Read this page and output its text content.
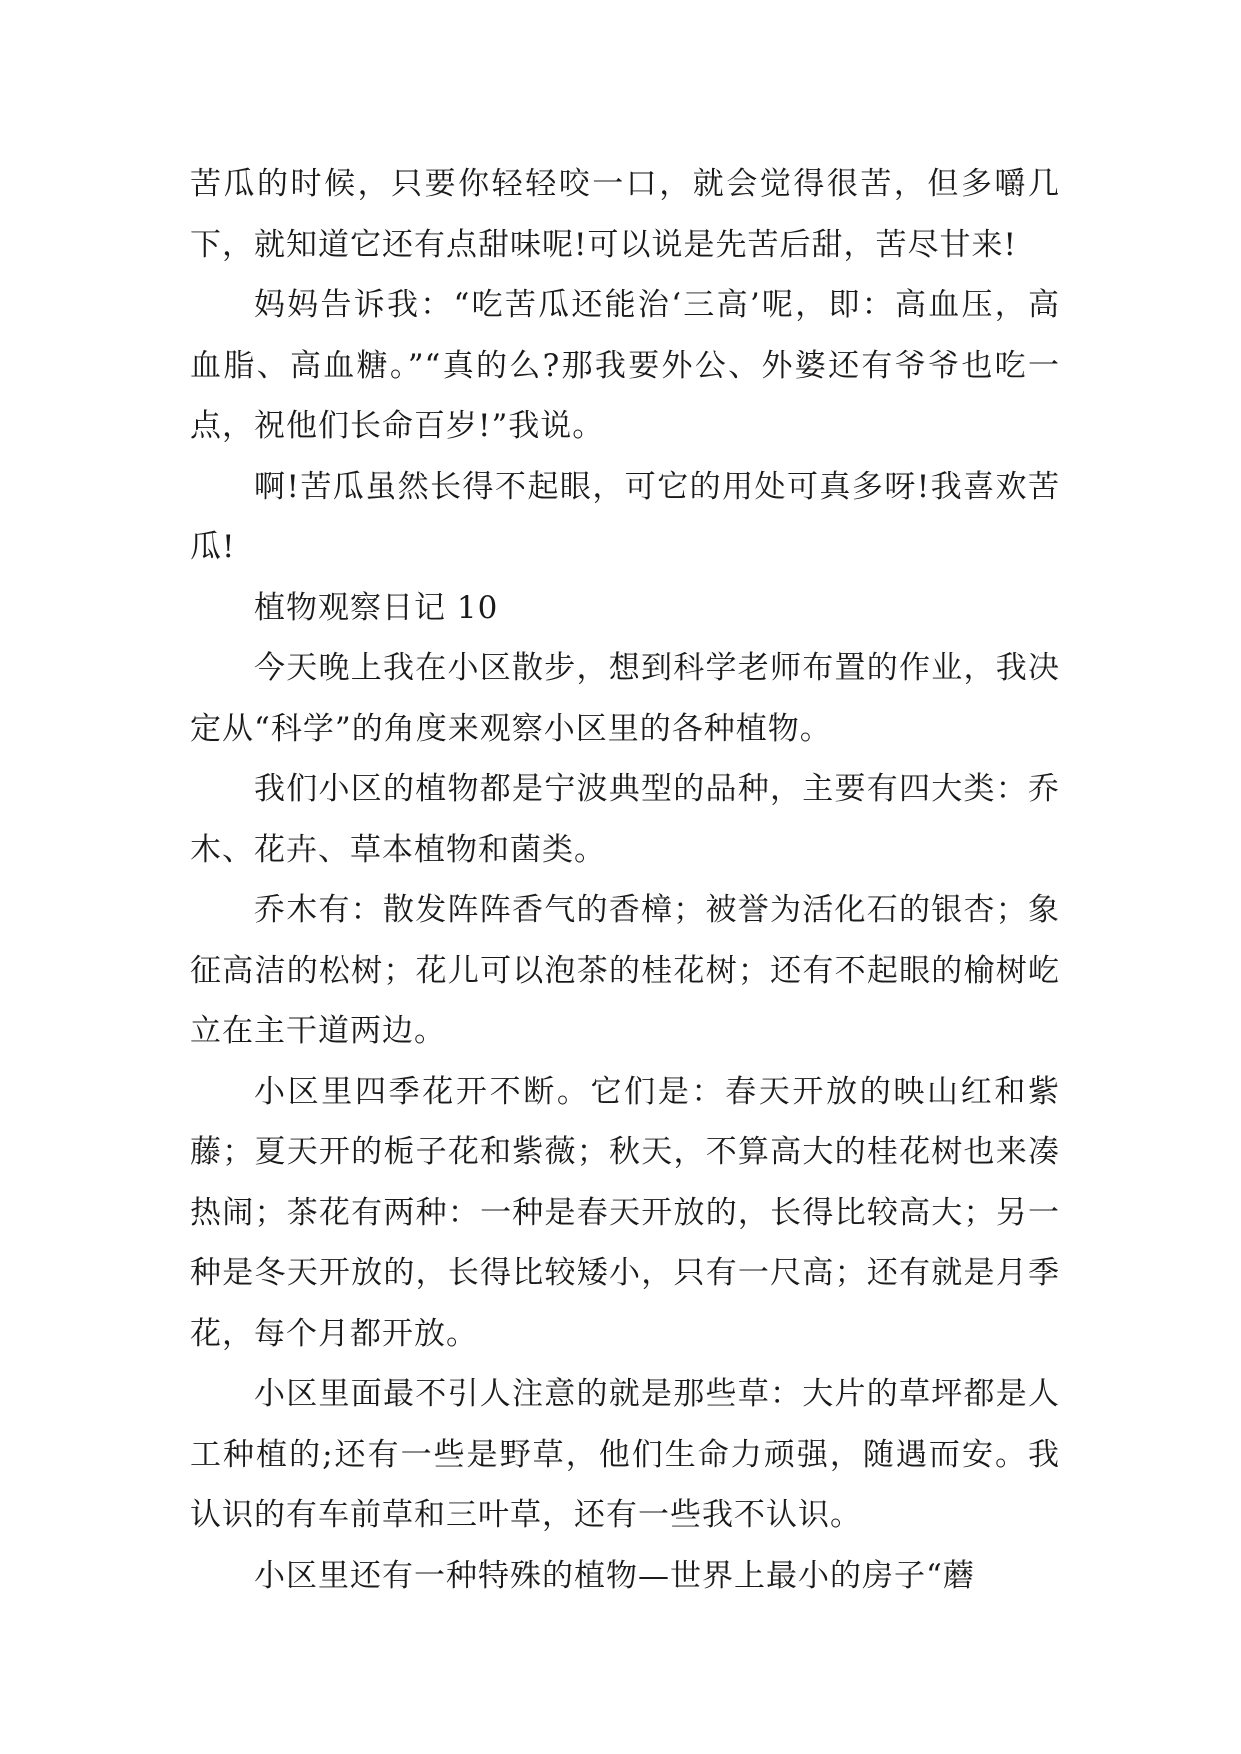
苦瓜的时候，只要你轻轻咬一口，就会觉得很苦，但多嚼几下，就知道它还有点甜味呢!可以说是先苦后甜，苦尽甘来!

妈妈告诉我：“吃苦瓜还能治‘三高’呢，即：高血压，高血脂、高血糖。”“真的么?那我要外公、外婆还有爷爷也吃一点，祝他们长命百岁!”我说。

啊!苦瓜虽然长得不起眼，可它的用处可真多呀!我喜欢苦瓜!

植物观察日记 10

今天晚上我在小区散步，想到科学老师布置的作业，我决定从“科学”的角度来观察小区里的各种植物。

我们小区的植物都是宁波典型的品种，主要有四大类：乔木、花卉、草本植物和菌类。

乔木有：散发阵阵香气的香樟；被誉为活化石的银杏；象征高洁的松树；花儿可以泡茶的桂花树；还有不起眼的榆树屹立在主干道两边。

小区里四季花开不断。它们是：春天开放的映山红和紫藤；夏天开的栀子花和紫薇；秋天，不算高大的桂花树也来凑热闹；茶花有两种：一种是春天开放的，长得比较高大；另一种是冬天开放的，长得比较矮小，只有一尺高；还有就是月季花，每个月都开放。

小区里面最不引人注意的就是那些草：大片的草坪都是人工种植的;还有一些是野草，他们生命力顽强，随遇而安。我认识的有车前草和三叶草，还有一些我不认识。

小区里还有一种特殊的植物—世界上最小的房子“蘑
